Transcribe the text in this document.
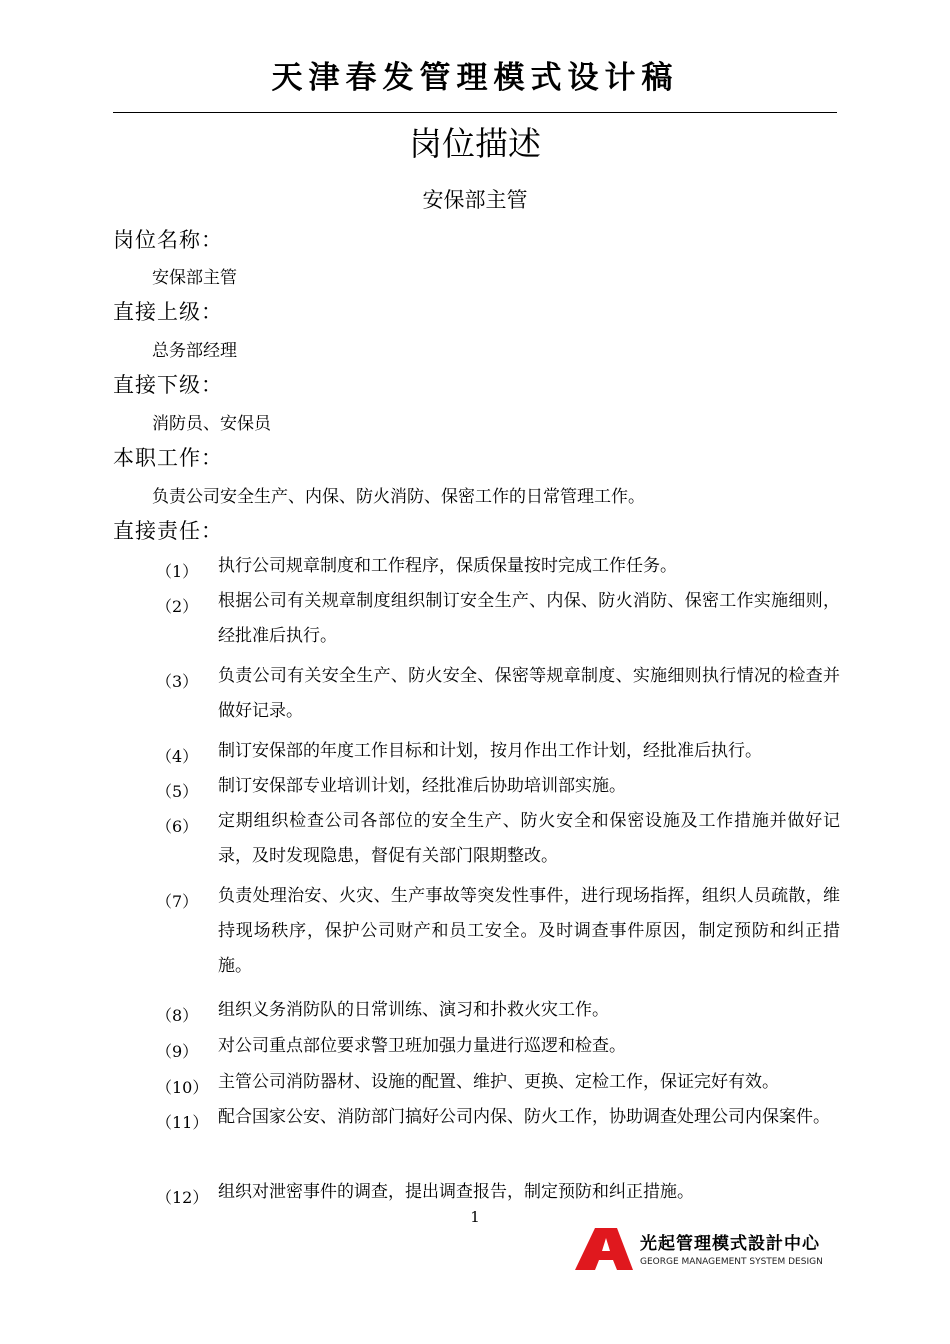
天津春发管理模式设计稿
岗位描述
安保部主管
岗位名称：
安保部主管
直接上级：
总务部经理
直接下级：
消防员、安保员
本职工作：
负责公司安全生产、内保、防火消防、保密工作的日常管理工作。
直接责任：
（1） 执行公司规章制度和工作程序，保质保量按时完成工作任务。
（2） 根据公司有关规章制度组织制订安全生产、内保、防火消防、保密工作实施细则，经批准后执行。
（3） 负责公司有关安全生产、防火安全、保密等规章制度、实施细则执行情况的检查并做好记录。
（4） 制订安保部的年度工作目标和计划，按月作出工作计划，经批准后执行。
（5） 制订安保部专业培训计划，经批准后协助培训部实施。
（6） 定期组织检查公司各部位的安全生产、防火安全和保密设施及工作措施并做好记录，及时发现隐患，督促有关部门限期整改。
（7） 负责处理治安、火灾、生产事故等突发性事件，进行现场指挥，组织人员疏散，维持现场秩序，保护公司财产和员工安全。及时调查事件原因，制定预防和纠正措施。
（8） 组织义务消防队的日常训练、演习和扑救火灾工作。
（9） 对公司重点部位要求警卫班加强力量进行巡逻和检查。
（10） 主管公司消防器材、设施的配置、维护、更换、定检工作，保证完好有效。
（11） 配合国家公安、消防部门搞好公司内保、防火工作，协助调查处理公司内保案件。
（12） 组织对泄密事件的调查，提出调查报告，制定预防和纠正措施。
1
光起管理模式設計中心
GEORGE MANAGEMENT SYSTEM DESIGN
